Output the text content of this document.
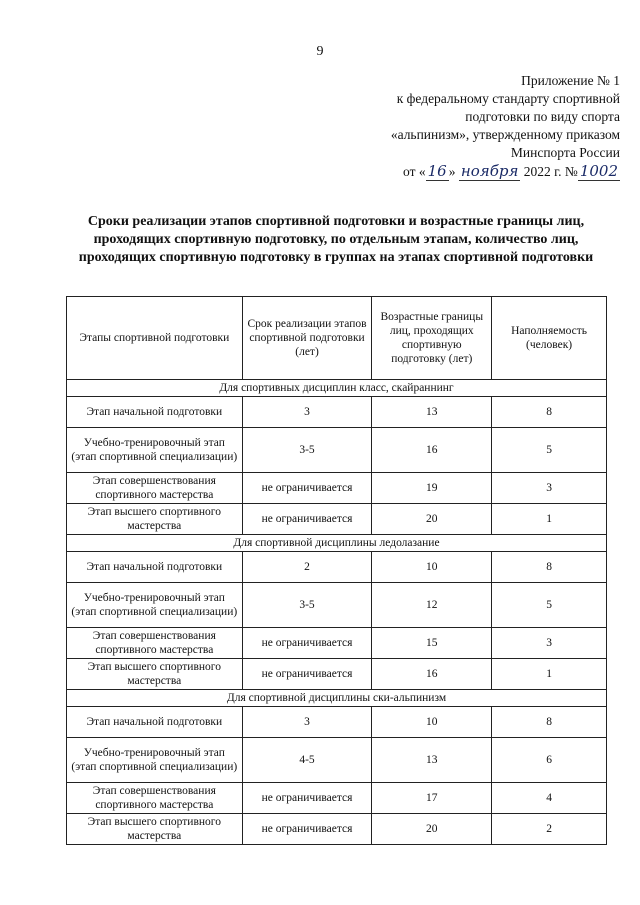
9
Приложение № 1
к федеральному стандарту спортивной
подготовки по виду спорта
«альпинизм», утвержденному приказом
Минспорта России
от « 16 » ноября 2022 г. № 1002
Сроки реализации этапов спортивной подготовки и возрастные границы лиц, проходящих спортивную подготовку, по отдельным этапам, количество лиц, проходящих спортивную подготовку в группах на этапах спортивной подготовки
Этапы спортивной подготовки	Срок реализации этапов спортивной подготовки (лет)	Возрастные границы лиц, проходящих спортивную подготовку (лет)	Наполняемость (человек)
Для спортивных дисциплин класс, скайраннинг			
Этап начальной подготовки	3	13	8
Учебно-тренировочный этап (этап спортивной специализации)	3-5	16	5
Этап совершенствования спортивного мастерства	не ограничивается	19	3
Этап высшего спортивного мастерства	не ограничивается	20	1
Для спортивной дисциплины ледолазание			
Этап начальной подготовки	2	10	8
Учебно-тренировочный этап (этап спортивной специализации)	3-5	12	5
Этап совершенствования спортивного мастерства	не ограничивается	15	3
Этап высшего спортивного мастерства	не ограничивается	16	1
Для спортивной дисциплины ски-альпинизм			
Этап начальной подготовки	3	10	8
Учебно-тренировочный этап (этап спортивной специализации)	4-5	13	6
Этап совершенствования спортивного мастерства	не ограничивается	17	4
Этап высшего спортивного мастерства	не ограничивается	20	2
